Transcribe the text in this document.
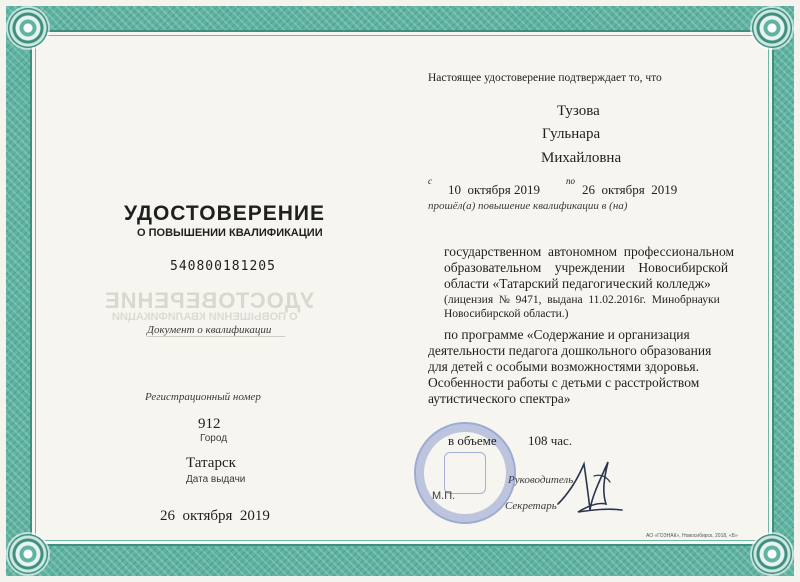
УДОСТОВЕРЕНИЕ
О ПОВЫШЕНИИ КВАЛИФИКАЦИИ
540800181205
УДОСТОВЕРЕНИЕ
О ПОВЫШЕНИИ КВАЛИФИКАЦИИ
Документ о квалификации
Регистрационный номер
912
Город
Татарск
Дата выдачи
26  октября  2019
Настоящее удостоверение подтверждает то, что
Тузова
Гульнара
Михайловна
с
10  октября 2019
по
26  октября  2019
прошёл(а) повышение квалификации в (на)
государственном  автономном  профессиональном
образовательном    учреждении    Новосибирской
области «Татарский педагогический колледж»
(лицензия  №  9471,  выдана  11.02.2016г.  Минобрнауки
Новосибирской области.)
по программе «Содержание и организация
деятельности педагога дошкольного образования
для детей с особыми возможностями здоровья.
Особенности работы с детьми с расстройством
аутистического спектра»
в объеме 108 час.
Руководитель
М.П.
Секретарь
АО «ГОЗНАК», Новосибирск, 2018, «Б»
